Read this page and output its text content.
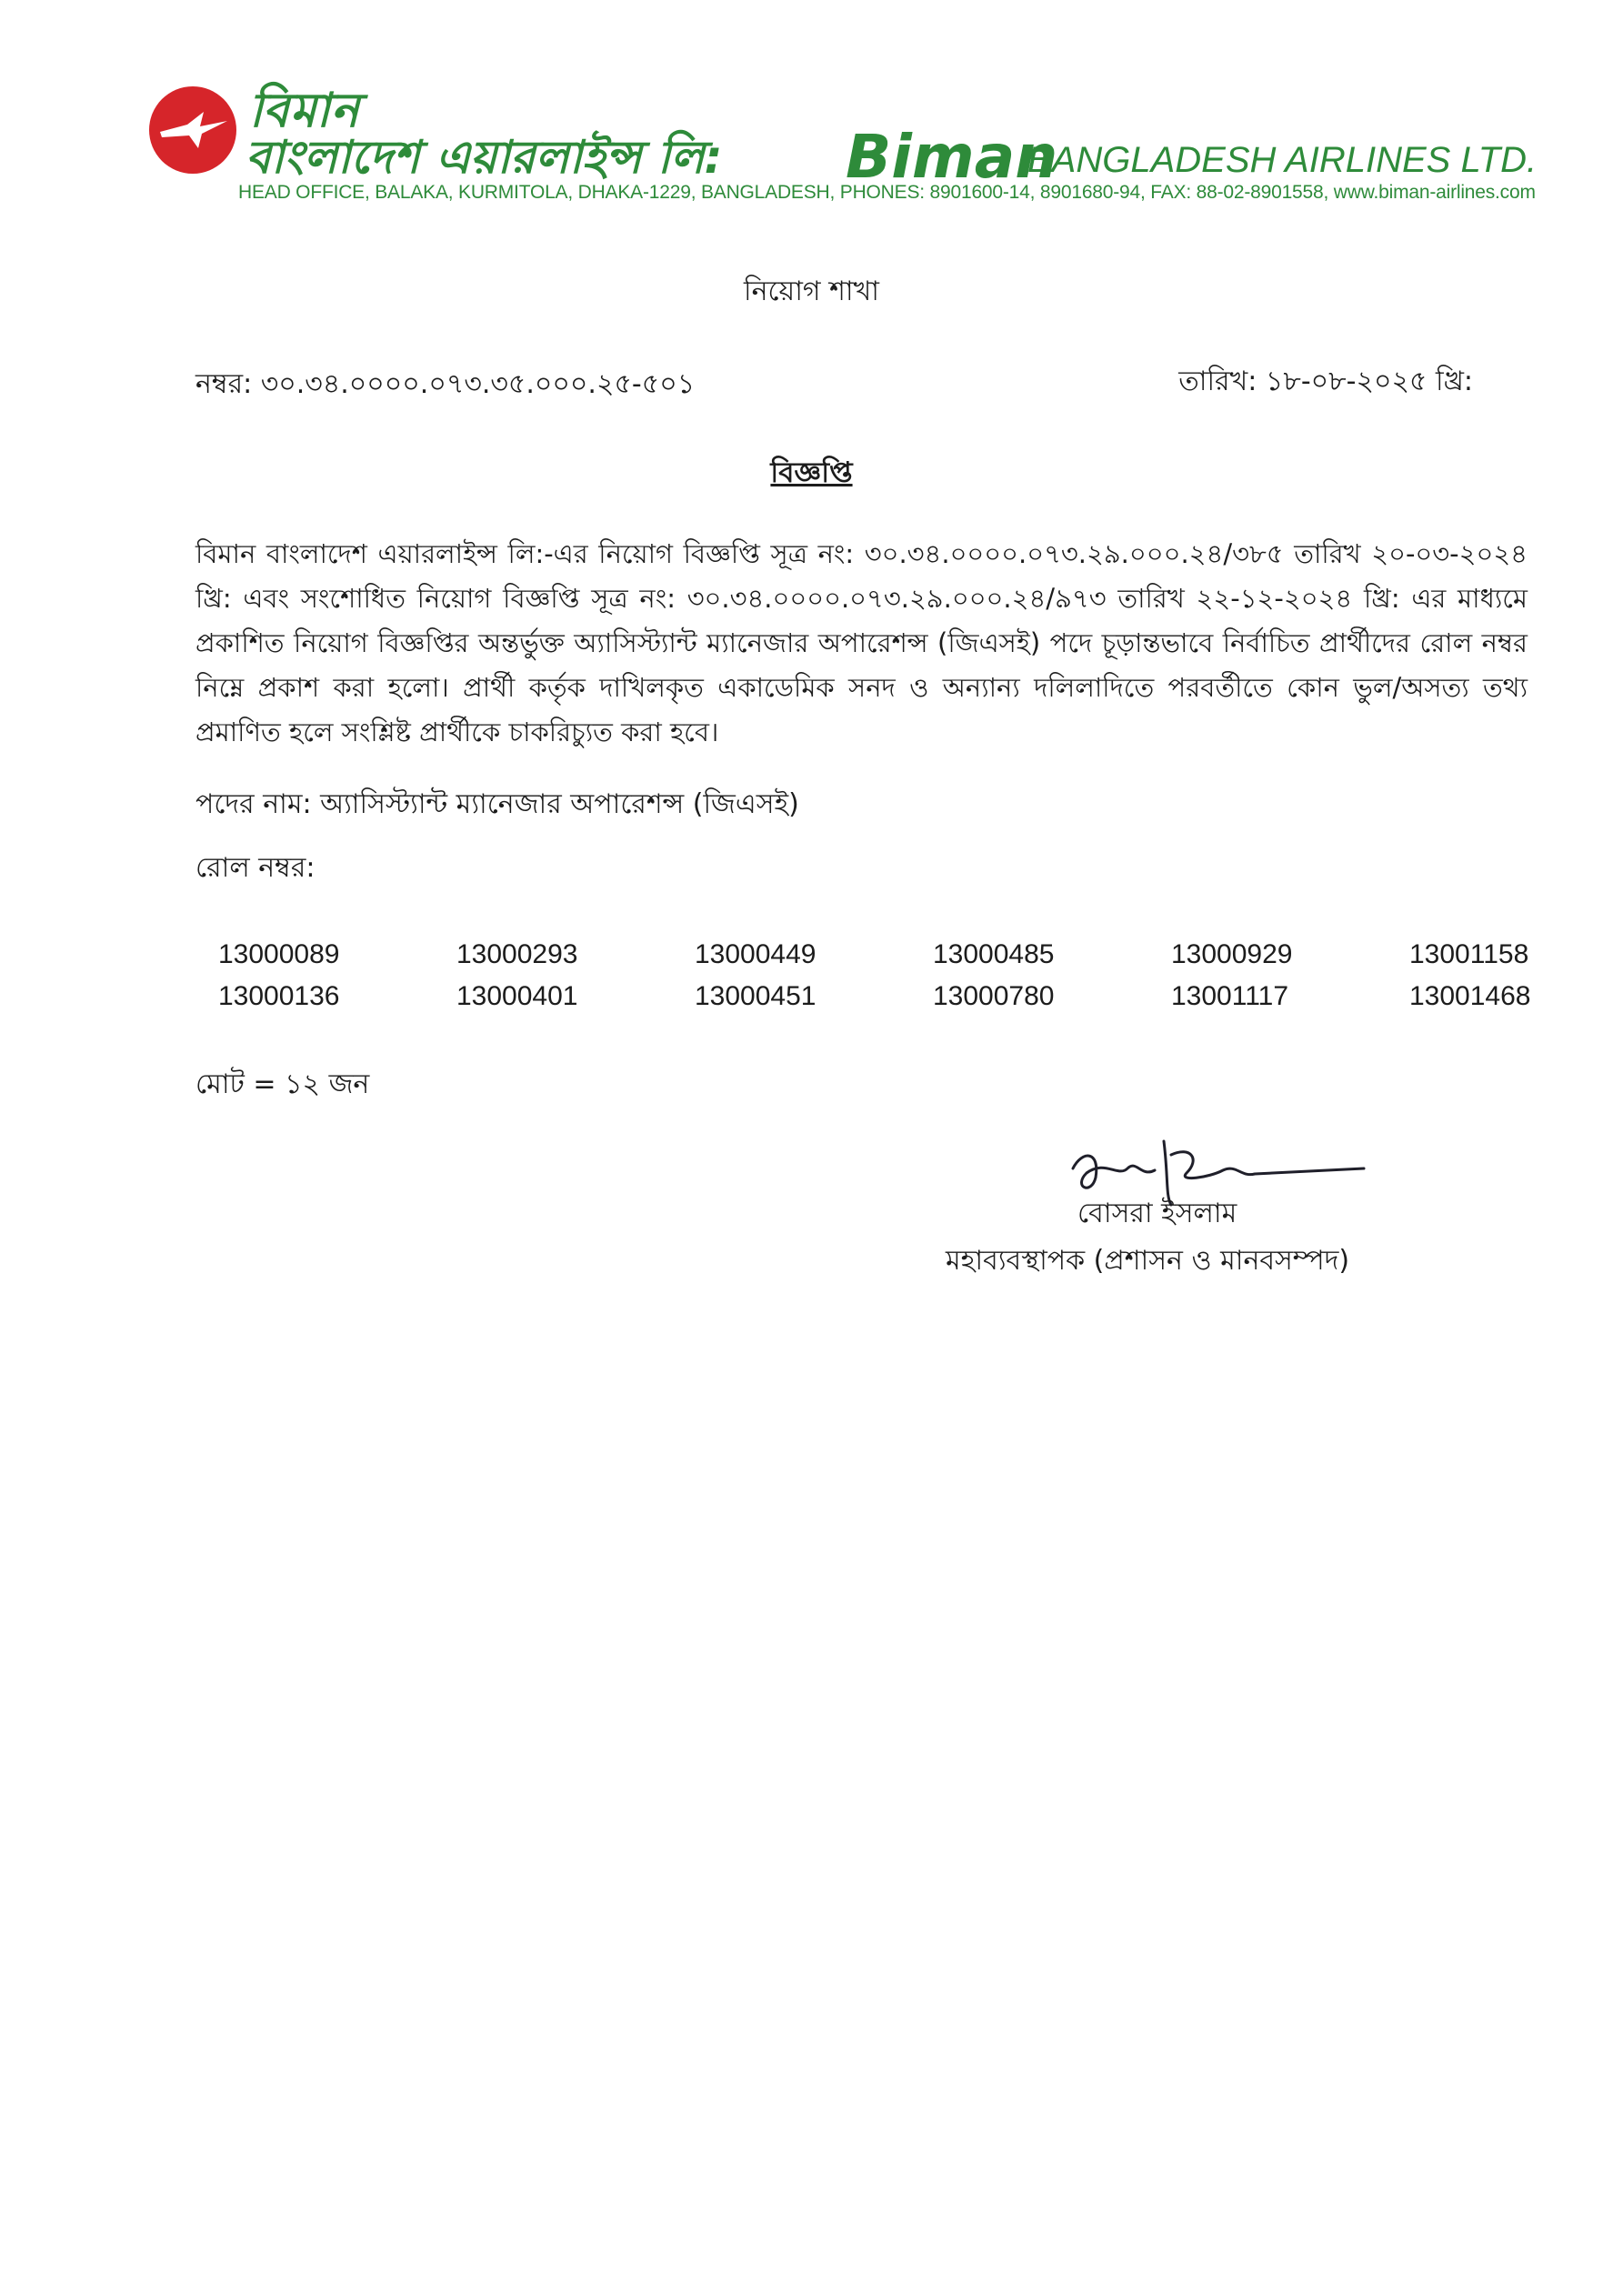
বিমান
বাংলাদেশ এয়ারলাইন্স লি: Biman
BANGLADESH AIRLINES LTD.
HEAD OFFICE, BALAKA, KURMITOLA, DHAKA-1229, BANGLADESH, PHONES: 8901600-14, 8901680-94, FAX: 88-02-8901558, www.biman-airlines.com
নিয়োগ শাখা
নম্বর: ৩০.৩৪.০০০০.০৭৩.৩৫.০০০.২৫-৫০১	তারিখ: ১৮-০৮-২০২৫ খ্রি:
বিজ্ঞপ্তি
বিমান বাংলাদেশ এয়ারলাইন্স লি:-এর নিয়োগ বিজ্ঞপ্তি সূত্র নং: ৩০.৩৪.০০০০.০৭৩.২৯.০০০.২৪/৩৮৫ তারিখ ২০-০৩-২০২৪ খ্রি: এবং সংশোধিত নিয়োগ বিজ্ঞপ্তি সূত্র নং: ৩০.৩৪.০০০০.০৭৩.২৯.০০০.২৪/৯৭৩ তারিখ ২২-১২-২০২৪ খ্রি: এর মাধ্যমে প্রকাশিত নিয়োগ বিজ্ঞপ্তির অন্তর্ভুক্ত অ্যাসিস্ট্যান্ট ম্যানেজার অপারেশন্স (জিএসই) পদে চূড়ান্তভাবে নির্বাচিত প্রার্থীদের রোল নম্বর নিম্নে প্রকাশ করা হলো। প্রার্থী কর্তৃক দাখিলকৃত একাডেমিক সনদ ও অন্যান্য দলিলাদিতে পরবর্তীতে কোন ভুল/অসত্য তথ্য প্রমাণিত হলে সংশ্লিষ্ট প্রার্থীকে চাকরিচ্যুত করা হবে।
পদের নাম: অ্যাসিস্ট্যান্ট ম্যানেজার অপারেশন্স (জিএসই)
রোল নম্বর:
13000089	13000293	13000449	13000485	13000929	13001158
13000136	13000401	13000451	13000780	13001117	13001468
মোট = ১২ জন
বোসরা ইসলাম
মহাব্যবস্থাপক (প্রশাসন ও মানবসম্পদ)
